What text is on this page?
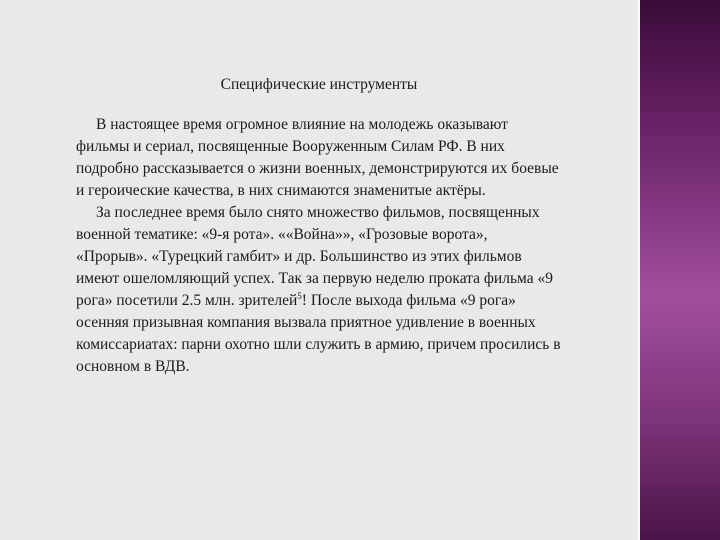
Специфические инструменты

В настоящее время огромное влияние на молодежь оказывают фильмы и сериал, посвященные Вооруженным Силам РФ. В них подробно рассказывается о жизни военных, демонстрируются их боевые и героические качества, в них снимаются знаменитые актёры.

За последнее время было снято множество фильмов, посвященных военной тематике: «9-я рота». ««Война»», «Грозовые ворота», «Прорыв». «Турецкий гамбит» и др. Большинство из этих фильмов имеют ошеломляющий успех. Так за первую неделю проката фильма «9 рога» посетили 2.5 млн. зрителей$^5$! После выхода фильма «9 рога» осенняя призывная компания вызвала приятное удивление в военных комиссариатах: парни охотно шли служить в армию, причем просились в основном в ВДВ.
